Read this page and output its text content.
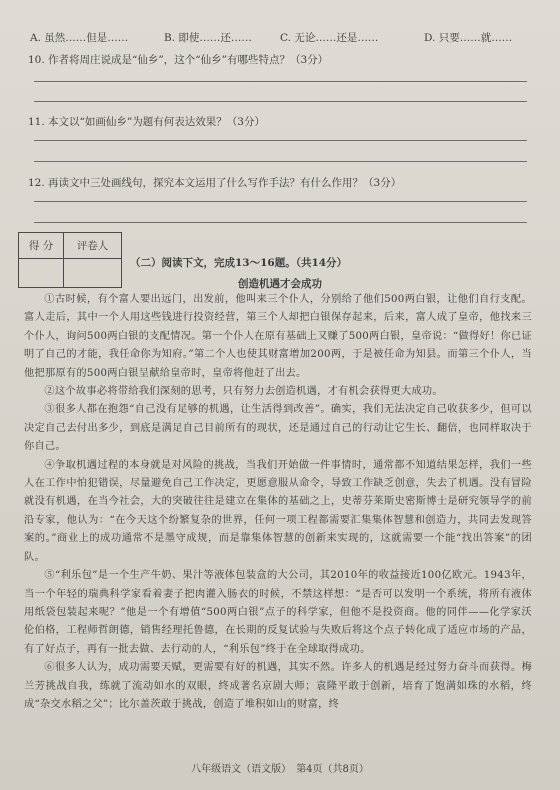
A. 虽然……但是……	B. 即使……还……	C. 无论……还是……	D. 只要……就……
10. 作者将周庄说成是“仙乡”，这个“仙乡”有哪些特点？（3分）
11. 本文以“如画仙乡”为题有何表达效果？（3分）
12. 再读文中三处画线句，探究本文运用了什么写作手法？有什么作用？（3分）
得 分	评卷人

（二）阅读下文，完成13～16题。（共14分）
创造机遇才会成功

①古时候，有个富人要出远门，出发前，他叫来三个仆人，分别给了他们500两白银，让他们自行支配。富人走后，其中一个人用这些钱进行投资经营，第三个人却把白银保存起来，后来，富人成了皇帝，他找来三个仆人，询问500两白银的支配情况。第一个仆人在原有基础上又赚了500两白银，皇帝说：“做得好！你已证明了自己的才能，我任命你为知府。”第二个人也使其财富增加200两，于是被任命为知县。而第三个仆人，当他把那原有的500两白银呈献给皇帝时，皇帝将他赶了出去。

②这个故事必将带给我们深刻的思考，只有努力去创造机遇，才有机会获得更大成功。

③很多人都在抱怨“自己没有足够的机遇，让生活得到改善”。确实，我们无法决定自己收获多少，但可以决定自己去付出多少，到底是满足自己目前所有的现状，还是通过自己的行动让它生长、翻倍，也同样取决于你自己。

④争取机遇过程的本身就是对风险的挑战，当我们开始做一件事情时，通常都不知道结果怎样，我们一些人在工作中怕犯错误，尽量避免自己工作决定，更愿意服从命令，导致工作缺乏创意，失去了机遇。没有冒险就没有机遇，在当今社会，大的突破往往是建立在集体的基础之上，史蒂芬莱斯史密斯博士是研究领导学的前沿专家，他认为：“在今天这个纷繁复杂的世界，任何一项工程都需要汇集集体智慧和创造力，共同去发现答案的。”商业上的成功通常不是墨守成规，而是靠集体智慧的创新来实现的，这就需要一个能“找出答案”的团队。

⑤“利乐包”是一个生产牛奶、果汁等液体包装盒的大公司，其2010年的收益接近100亿欧元。1943年，当一个年轻的瑞典科学家看着妻子把肉灌入肠衣的时候，不禁这样想：“是否可以发明一个系统，将所有液体用纸袋包装起来呢？”他是一个有增值“500两白银”点子的科学家，但他不是投资商。他的同伴——化学家沃伦伯格，工程师哲朗德，销售经理托鲁德，在长期的反复试验与失败后将这个点子转化成了适应市场的产品，有了好点子，再有一批去做、去行动的人，“利乐包”终于在全球取得成功。

⑥很多人认为，成功需要天赋，更需要有好的机遇，其实不然。许多人的机遇是经过努力奋斗而获得。梅兰芳挑战自我，练就了流动如水的双眼，终成著名京剧大师；袁隆平敢于创新，培育了饱满如珠的水稻，终成“杂交水稻之父”；比尔盖茨敢于挑战，创造了堆积如山的财富，终

八年级语文（语文版）　第4页（共8页）
